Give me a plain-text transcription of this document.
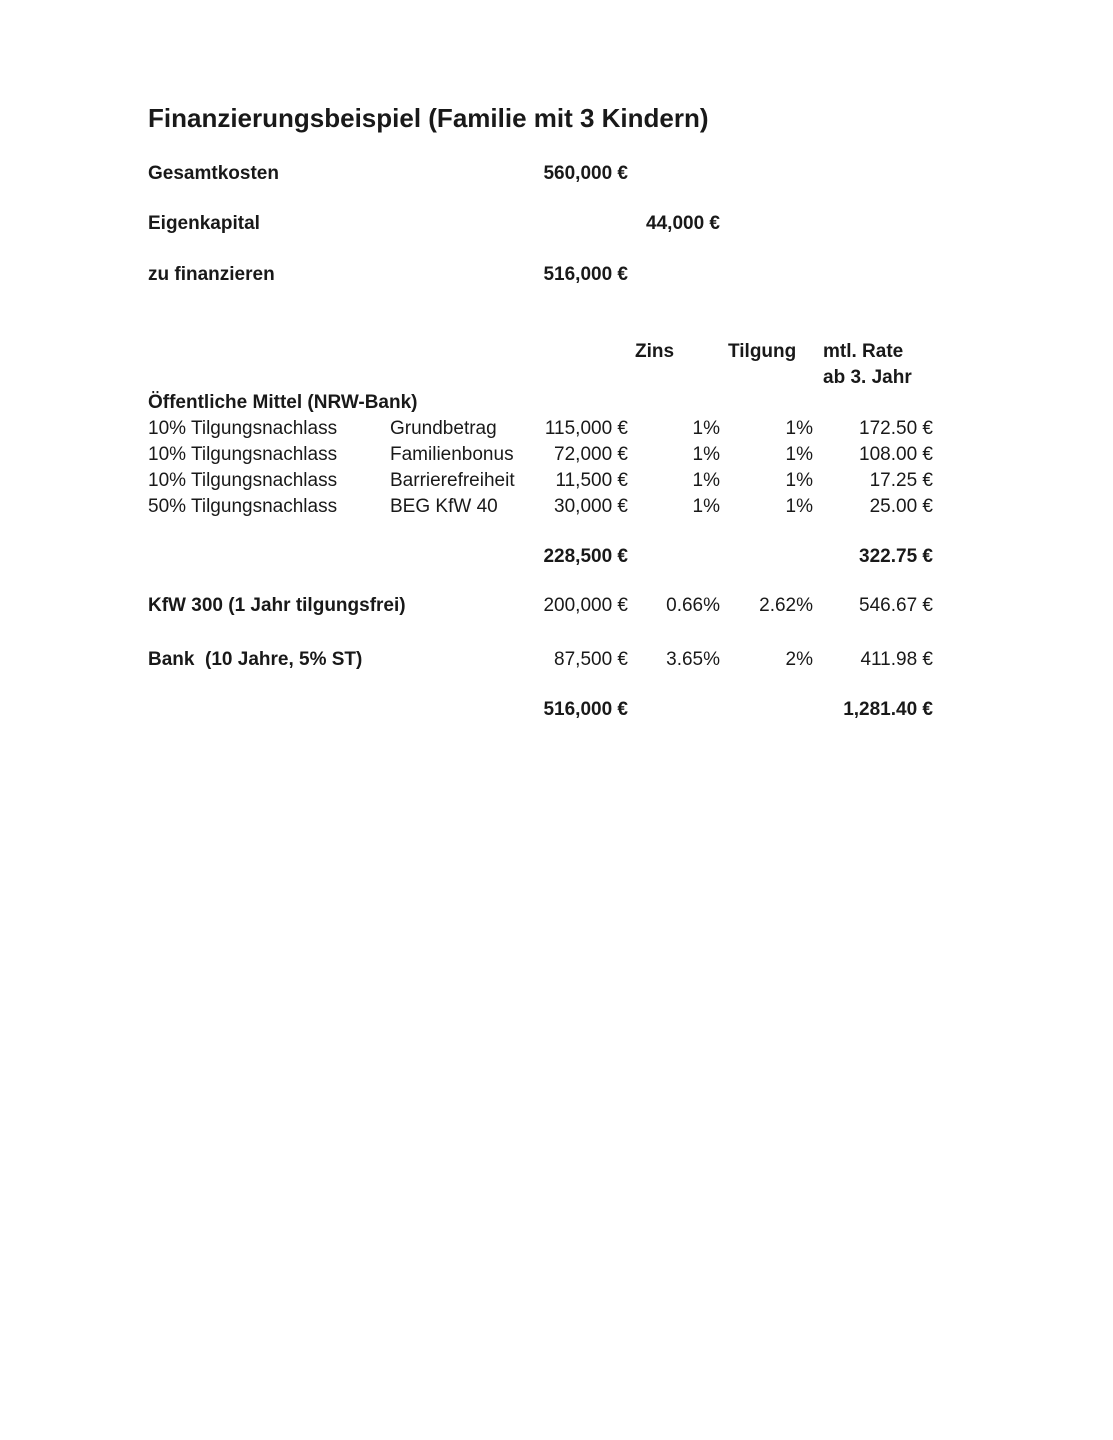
Finanzierungsbeispiel (Familie mit 3 Kindern)
Gesamtkosten	560,000 €
Eigenkapital	44,000 €
zu finanzieren	516,000 €
Zins	Tilgung	mtl. Rate
ab 3. Jahr
Öffentliche Mittel (NRW-Bank)
10% Tilgungsnachlass	Grundbetrag	115,000 €	1%	1%	172.50 €
10% Tilgungsnachlass	Familienbonus	72,000 €	1%	1%	108.00 €
10% Tilgungsnachlass	Barrierefreiheit	11,500 €	1%	1%	17.25 €
50% Tilgungsnachlass	BEG KfW 40	30,000 €	1%	1%	25.00 €
228,500 €	322.75 €
KfW 300 (1 Jahr tilgungsfrei)	200,000 €	0.66%	2.62%	546.67 €
Bank  (10 Jahre, 5% ST)	87,500 €	3.65%	2%	411.98 €
516,000 €	1,281.40 €
